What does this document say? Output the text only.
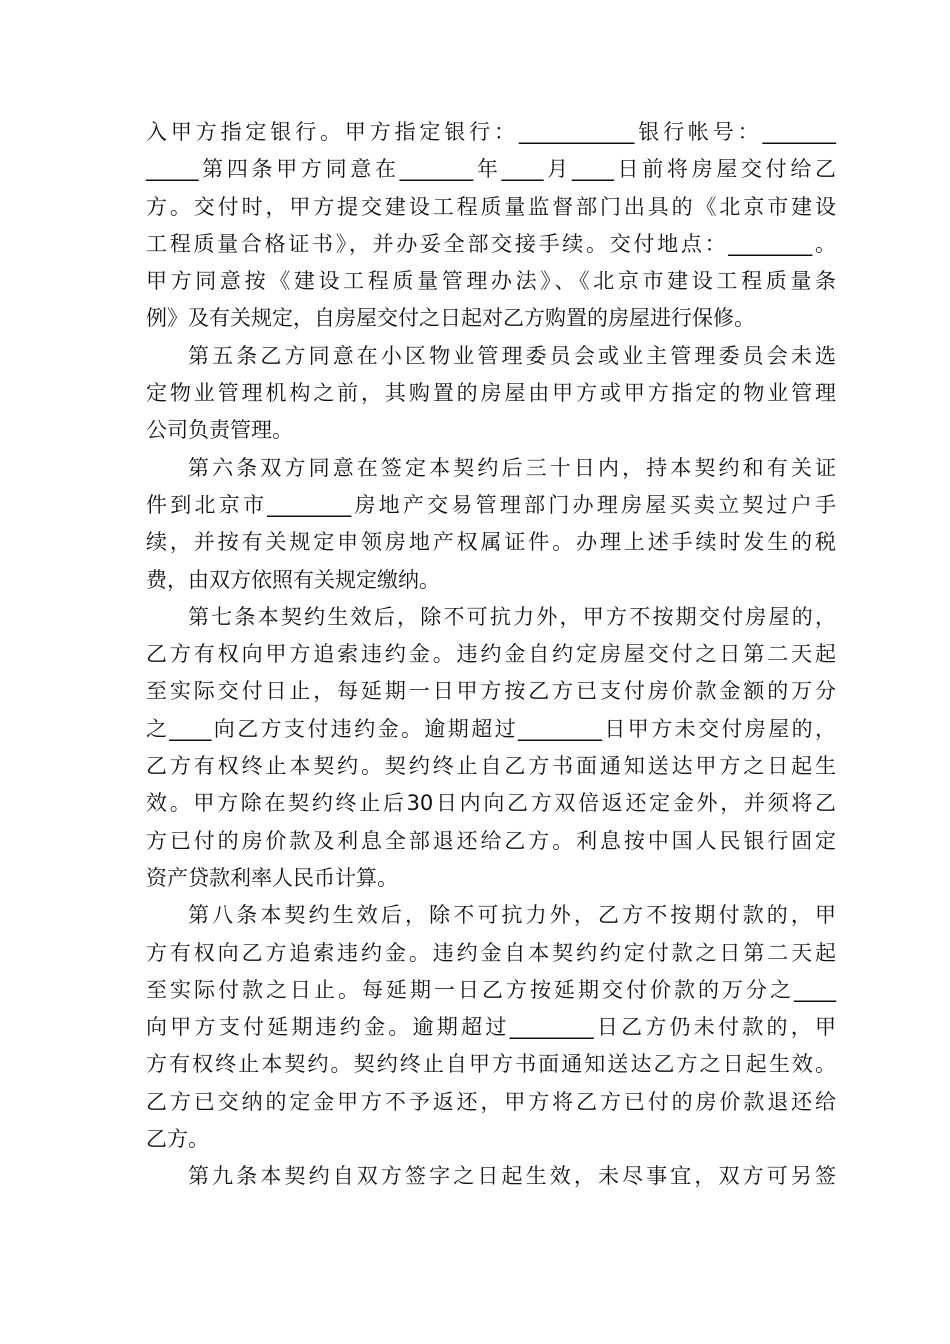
入甲方指定银行。甲方指定银行：___________银行帐号：_______
_____第四条甲方同意在_______年____月____日前将房屋交付给乙
方。交付时，甲方提交建设工程质量监督部门出具的《北京市建设
工程质量合格证书》，并办妥全部交接手续。交付地点：________。
甲方同意按《建设工程质量管理办法》、《北京市建设工程质量条
例》及有关规定，自房屋交付之日起对乙方购置的房屋进行保修。
第五条乙方同意在小区物业管理委员会或业主管理委员会未选
定物业管理机构之前，其购置的房屋由甲方或甲方指定的物业管理
公司负责管理。
第六条双方同意在签定本契约后三十日内，持本契约和有关证
件到北京市________房地产交易管理部门办理房屋买卖立契过户手
续，并按有关规定申领房地产权属证件。办理上述手续时发生的税
费，由双方依照有关规定缴纳。
第七条本契约生效后，除不可抗力外，甲方不按期交付房屋的，
乙方有权向甲方追索违约金。违约金自约定房屋交付之日第二天起
至实际交付日止，每延期一日甲方按乙方已支付房价款金额的万分
之____向乙方支付违约金。逾期超过________日甲方未交付房屋的，
乙方有权终止本契约。契约终止自乙方书面通知送达甲方之日起生
效。甲方除在契约终止后30日内向乙方双倍返还定金外，并须将乙
方已付的房价款及利息全部退还给乙方。利息按中国人民银行固定
资产贷款利率人民币计算。
第八条本契约生效后，除不可抗力外，乙方不按期付款的，甲
方有权向乙方追索违约金。违约金自本契约约定付款之日第二天起
至实际付款之日止。每延期一日乙方按延期交付价款的万分之____
向甲方支付延期违约金。逾期超过________日乙方仍未付款的，甲
方有权终止本契约。契约终止自甲方书面通知送达乙方之日起生效。
乙方已交纳的定金甲方不予返还，甲方将乙方已付的房价款退还给
乙方。
第九条本契约自双方签字之日起生效，未尽事宜，双方可另签
